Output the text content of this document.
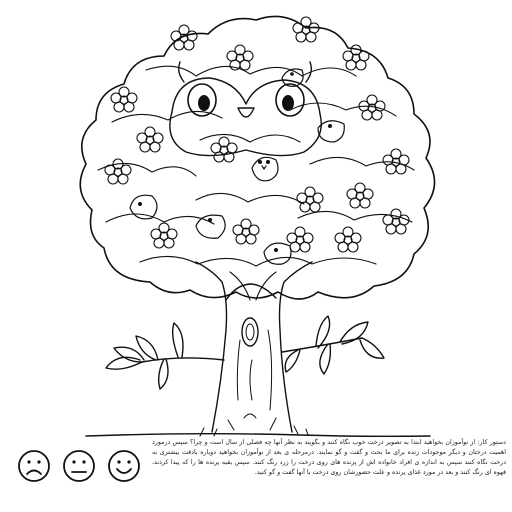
دستور کار: از نوآموزان بخواهید ابتدا به تصویر درخت خوب نگاه کنند و بگویند به نظر آنها چه فصلی از سال است و چرا؟ سپس درمورد اهمیت درختان و دیگر موجودات زنده برای ما بحث و گفت و گو نمایند. درمرحله ی بعد از نوآموزان بخواهید دوباره بادقت بیشتری به درخت نگاه کنند سپس به اندازه ی افراد خانواده اش از پرنده های روی درخت را زرد رنگ کنند. سپس بقیه پرنده ها را که پیدا کردند، قهوه ای رنگ کنند و بعد در مورد غذای پرنده و علت حضورشان روی درخت با آنها گفت و گو کنید.
